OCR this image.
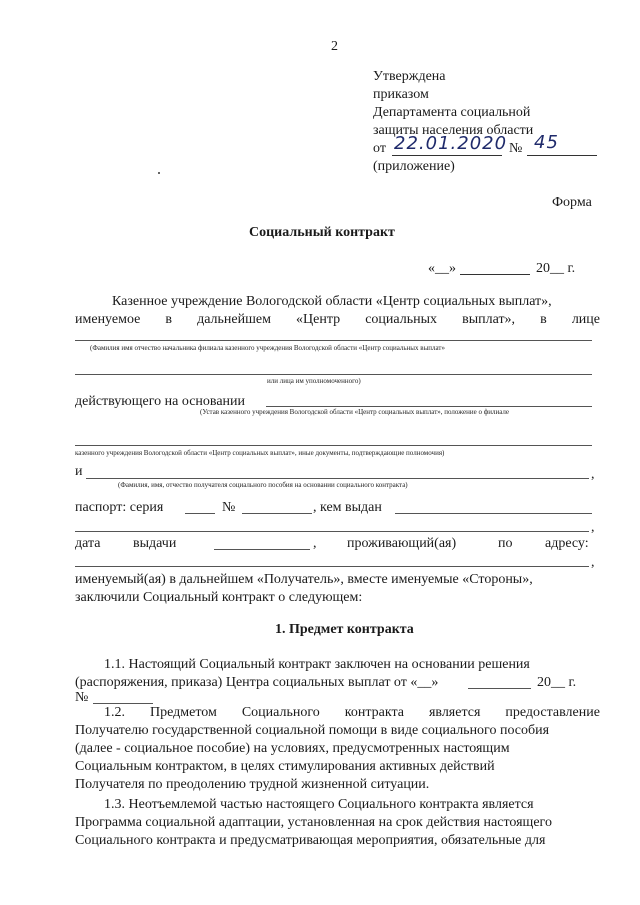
2
Утверждена
приказом
Департамента социальной
защиты населения области
от 22.01.2020 № 45
(приложение)
Форма
Социальный контракт
«__»	20__ г.
Казенное учреждение Вологодской области «Центр социальных выплат»,
именуемое в дальнейшем «Центр социальных выплат», в лице
(Фамилия имя отчество начальника филиала казенного учреждения Вологодской области «Центр социальных выплат»
или лица им уполномоченного)
действующего на основании
(Устав казенного учреждения Вологодской области «Центр социальных выплат», положение о филиале
казенного учреждения Вологодской области «Центр социальных выплат», иные документы, подтверждающие полномочия)
и	,
(Фамилия, имя, отчество получателя социального пособия на основании социального контракта)
паспорт: серия	№	, кем выдан
,
дата выдачи	, проживающий(ая)	по адресу:
,
именуемый(ая) в дальнейшем «Получатель», вместе именуемые «Стороны»,
заключили Социальный контракт о следующем:
1. Предмет контракта
1.1. Настоящий Социальный контракт заключен на основании решения
(распоряжения, приказа) Центра социальных выплат от «__»	20__ г.
№
1.2. Предметом Социального контракта является предоставление
Получателю государственной социальной помощи в виде социального пособия
(далее - социальное пособие) на условиях, предусмотренных настоящим
Социальным контрактом, в целях стимулирования активных действий
Получателя по преодолению трудной жизненной ситуации.
1.3. Неотъемлемой частью настоящего Социального контракта является
Программа социальной адаптации, установленная на срок действия настоящего
Социального контракта и предусматривающая мероприятия, обязательные для
